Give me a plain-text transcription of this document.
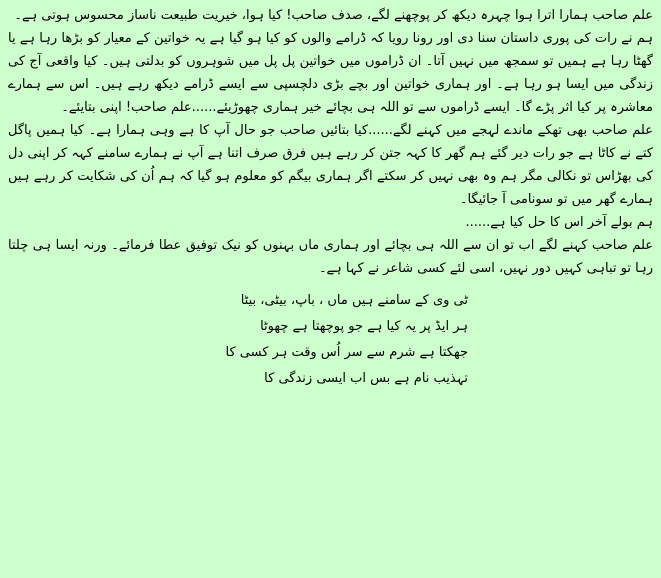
علم صاحب ہمارا اترا ہوا چہرہ دیکھ کر پوچھنے لگے، صدف صاحب! کیا ہوا، خیریت طبیعت ناساز محسوس ہوتی ہے۔

ہم نے رات کی پوری داستان سنا دی اور رونا رویا کہ ڈرامے والوں کو کیا ہو گیا ہے یہ خواتین کے معیار کو بڑھا رہا ہے یا گھٹا رہا ہے ہمیں تو سمجھ میں نہیں آتا۔ ان ڈراموں میں خواتین پل پل میں شوہروں کو بدلتی ہیں۔ کیا واقعی آج کی زندگی میں ایسا ہو رہا ہے۔ اور ہماری خواتین اور بچے بڑی دلچسپی سے ایسے ڈرامے دیکھ رہے ہیں۔ اس سے ہمارے معاشرہ پر کیا اثر پڑے گا۔ ایسے ڈراموں سے تو اللہ ہی بچائے خیر ہماری چھوڑیئے......علم صاحب! اپنی بتایئے۔

علم صاحب بھی تھکے ماندے لہجے میں کہنے لگے......کیا بتائیں صاحب جو حال آپ کا ہے وہی ہمارا ہے۔ کیا ہمیں پاگل کتے نے کاٹا ہے جو رات دیر گئے ہم گھر کا کہہ جتن کر رہے ہیں فرق صرف اتنا ہے آپ نے ہمارے سامنے کہہ کر اپنی دل کی بھڑاس تو نکالی مگر ہم وہ بھی نہیں کر سکتے اگر ہماری بیگم کو معلوم ہو گیا کہ ہم اُن کی شکایت کر رہے ہیں ہمارے گھر میں تو سونامی آ جائیگا۔

ہم بولے آخر اس کا حل کیا ہے......

علم صاحب کہنے لگے اب تو ان سے اللہ ہی بچائے اور ہماری ماں بہنوں کو نیک توفیق عطا فرمائے۔ ورنہ ایسا ہی چلتا رہا تو تباہی کہیں دور نہیں، اسی لئے کسی شاعر نے کہا ہے۔

ٹی وی کے سامنے ہیں ماں ، باپ، بیٹی، بیٹا
ہر ایڈ پر یہ کیا ہے جو پوچھتا ہے چھوٹا
جھکتا ہے شرم سے سر اُس وقت ہر کسی کا
تہذیب نام ہے بس اب ایسی زندگی کا
